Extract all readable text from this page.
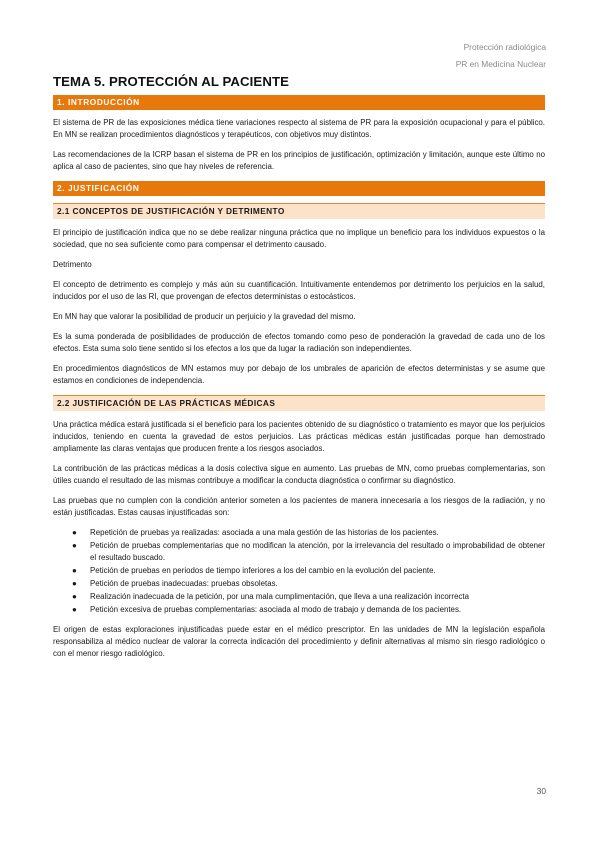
Protección radiológica
PR en Medicina Nuclear
TEMA 5. PROTECCIÓN AL PACIENTE
1. INTRODUCCIÓN

El sistema de PR de las exposiciones médica tiene variaciones respecto al sistema de PR para la exposición ocupacional y para el público. En MN se realizan procedimientos diagnósticos y terapéuticos, con objetivos muy distintos.

Las recomendaciones de la ICRP basan el sistema de PR en los principios de justificación, optimización y limitación, aunque este último no aplica al caso de pacientes, sino que hay niveles de referencia.

2. JUSTIFICACIÓN
2.1 CONCEPTOS DE JUSTIFICACIÓN Y DETRIMENTO

El principio de justificación indica que no se debe realizar ninguna práctica que no implique un beneficio para los individuos expuestos o la sociedad, que no sea suficiente como para compensar el detrimento causado.

Detrimento

El concepto de detrimento es complejo y más aún su cuantificación. Intuitivamente entendemos por detrimento los perjuicios en la salud, inducidos por el uso de las RI, que provengan de efectos deterministas o estocásticos.

En MN hay que valorar la posibilidad de producir un perjuicio y la gravedad del mismo.

Es la suma ponderada de posibilidades de producción de efectos tomando como peso de ponderación la gravedad de cada uno de los efectos. Esta suma solo tiene sentido si los efectos a los que da lugar la radiación son independientes.

En procedimientos diagnósticos de MN estamos muy por debajo de los umbrales de aparición de efectos deterministas y se asume que estamos en condiciones de independencia.

2.2 JUSTIFICACIÓN DE LAS PRÁCTICAS MÉDICAS

Una práctica médica estará justificada si el beneficio para los pacientes obtenido de su diagnóstico o tratamiento es mayor que los perjuicios inducidos, teniendo en cuenta la gravedad de estos perjuicios. Las prácticas médicas están justificadas porque han demostrado ampliamente las claras ventajas que producen frente a los riesgos asociados.

La contribución de las prácticas médicas a la dosis colectiva sigue en aumento. Las pruebas de MN, como pruebas complementarias, son útiles cuando el resultado de las mismas contribuye a modificar la conducta diagnóstica o confirmar su diagnóstico.

Las pruebas que no cumplen con la condición anterior someten a los pacientes de manera innecesaria a los riesgos de la radiación, y no están justificadas. Estas causas injustificadas son:

● Repetición de pruebas ya realizadas: asociada a una mala gestión de las historias de los pacientes.
● Petición de pruebas complementarias que no modifican la atención, por la irrelevancia del resultado o improbabilidad de obtener el resultado buscado.
● Petición de pruebas en periodos de tiempo inferiores a los del cambio en la evolución del paciente.
● Petición de pruebas inadecuadas: pruebas obsoletas.
● Realización inadecuada de la petición, por una mala cumplimentación, que lleva a una realización incorrecta
● Petición excesiva de pruebas complementarias: asociada al modo de trabajo y demanda de los pacientes.

El origen de estas exploraciones injustificadas puede estar en el médico prescriptor. En las unidades de MN la legislación española responsabiliza al médico nuclear de valorar la correcta indicación del procedimiento y definir alternativas al mismo sin riesgo radiológico o con el menor riesgo radiológico.

30
